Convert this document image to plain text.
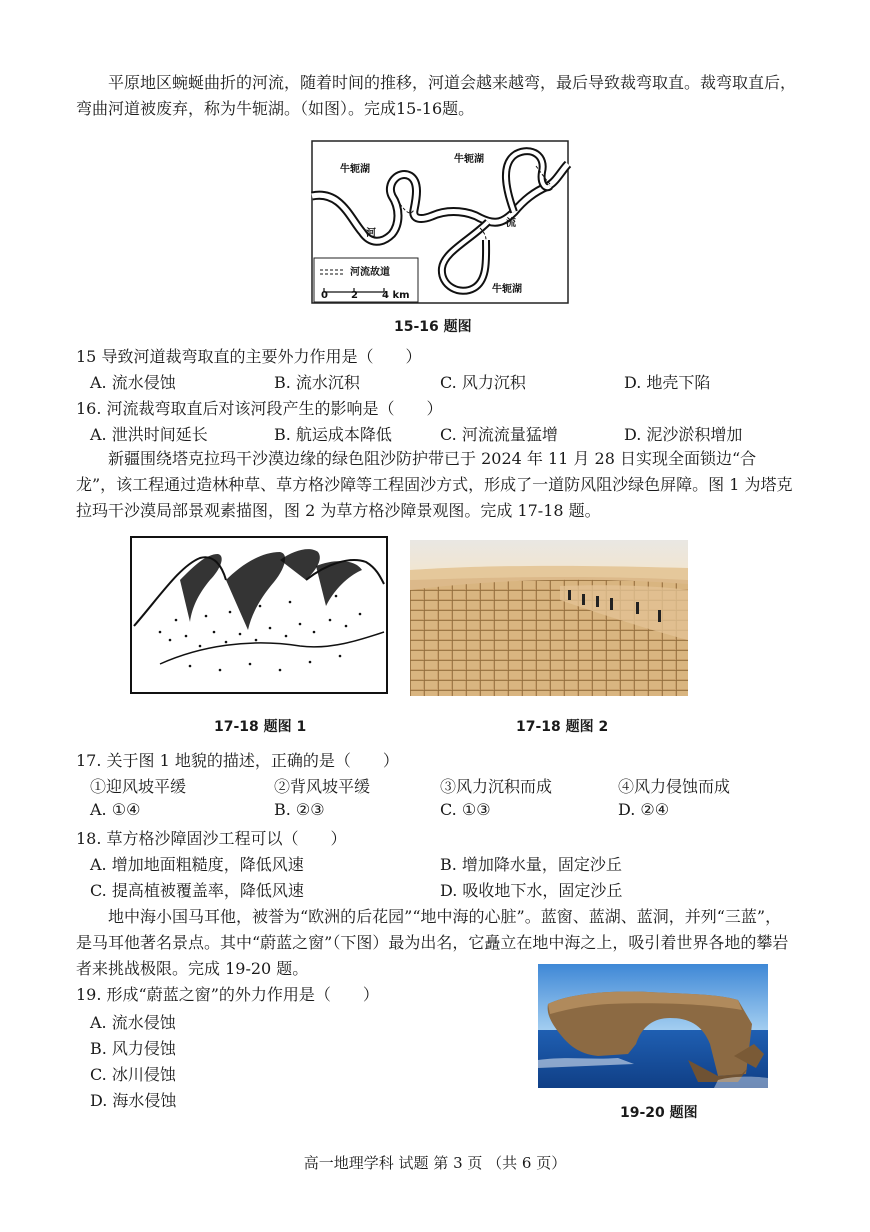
平原地区蜿蜒曲折的河流，随着时间的推移，河道会越来越弯，最后导致裁弯取直。裁弯取直后，弯曲河道被废弃，称为牛轭湖。（如图）。完成15-16题。
牛轭湖
牛轭湖
牛轭湖
河
流
河流故道
0 2 4 km
15-16 题图
15 导致河道裁弯取直的主要外力作用是（　　）
A. 流水侵蚀	B. 流水沉积	C. 风力沉积	D. 地壳下陷
16. 河流裁弯取直后对该河段产生的影响是（　　）
A. 泄洪时间延长	B. 航运成本降低	C. 河流流量猛增	D. 泥沙淤积增加
新疆围绕塔克拉玛干沙漠边缘的绿色阻沙防护带已于 2024 年 11 月 28 日实现全面锁边“合龙”，该工程通过造林种草、草方格沙障等工程固沙方式，形成了一道防风阻沙绿色屏障。图 1 为塔克拉玛干沙漠局部景观素描图，图 2 为草方格沙障景观图。完成 17-18 题。
17-18 题图 1	17-18 题图 2
17. 关于图 1 地貌的描述，正确的是（　　）
①迎风坡平缓	②背风坡平缓	③风力沉积而成	④风力侵蚀而成
A. ①④	B. ②③	C. ①③	D. ②④
18. 草方格沙障固沙工程可以（　　）
A. 增加地面粗糙度，降低风速	B. 增加降水量，固定沙丘
C. 提高植被覆盖率，降低风速	D. 吸收地下水，固定沙丘
地中海小国马耳他，被誉为“欧洲的后花园”“地中海的心脏”。蓝窗、蓝湖、蓝洞，并列“三蓝”，是马耳他著名景点。其中“蔚蓝之窗”（下图）最为出名，它矗立在地中海之上，吸引着世界各地的攀岩者来挑战极限。完成 19-20 题。
19-20 题图
19. 形成“蔚蓝之窗”的外力作用是（　　）
A. 流水侵蚀
B. 风力侵蚀
C. 冰川侵蚀
D. 海水侵蚀
高一地理学科 试题 第 3 页 （共 6 页）
